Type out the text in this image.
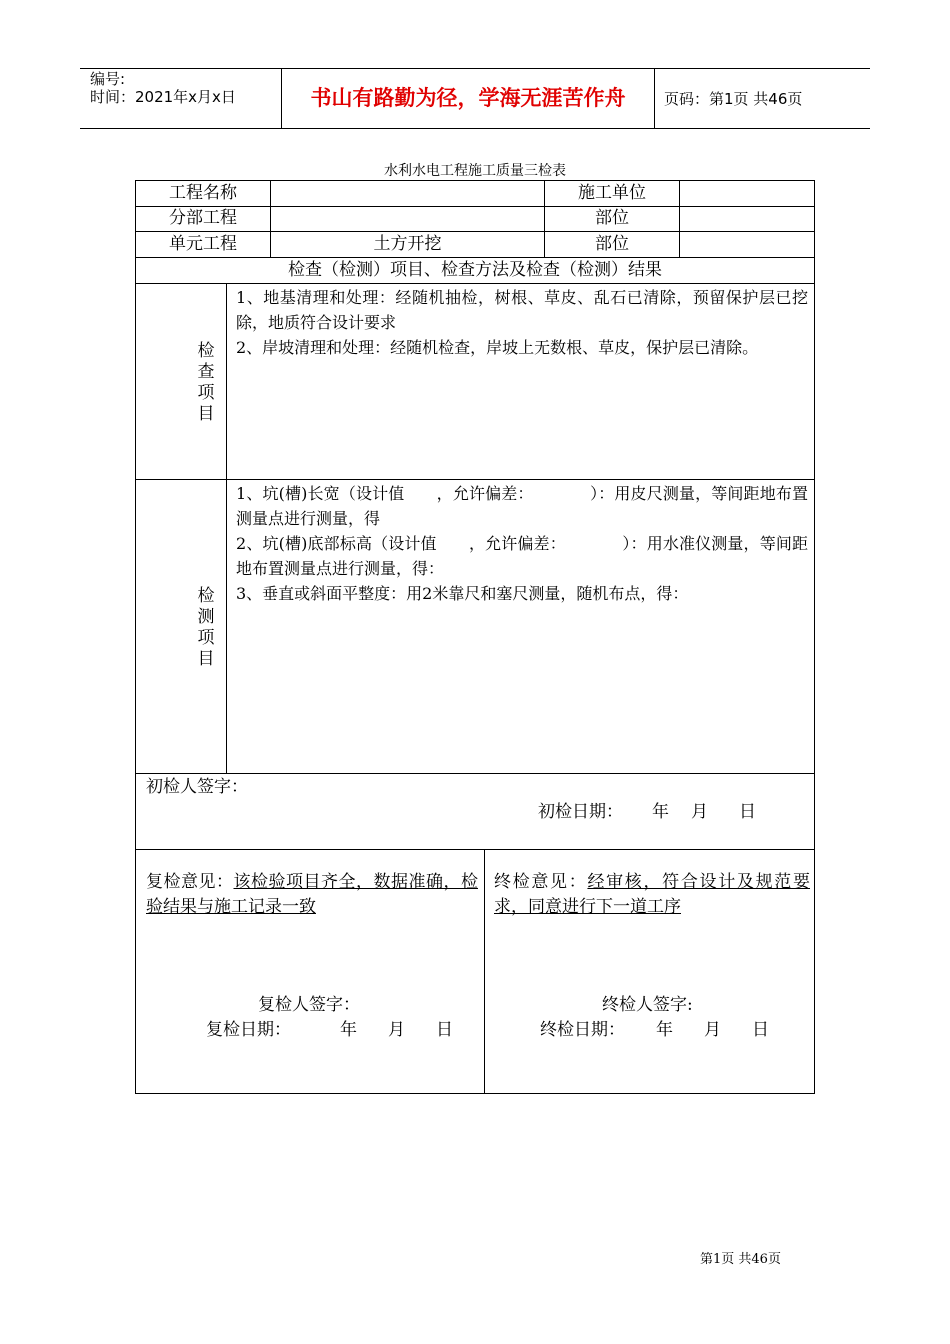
编号:
时间：2021年x月x日	书山有路勤为径，学海无涯苦作舟	页码：第1页 共46页
水利水电工程施工质量三检表
工程名称	施工单位
分部工程	部位
单元工程	土方开挖	部位
检查（检测）项目、检查方法及检查（检测）结果
检
查
项
目
1、地基清理和处理：经随机抽检，树根、草皮、乱石已清除，预留保护层已挖除，地质符合设计要求
2、岸坡清理和处理：经随机检查，岸坡上无数根、草皮，保护层已清除。
检
测
项
目
1、坑(槽)长宽（设计值　　，允许偏差：　　　　）：用皮尺测量，等间距地布置测量点进行测量，得
2、坑(槽)底部标高（设计值　　，允许偏差：　　　　）：用水准仪测量，等间距地布置测量点进行测量，得：
3、垂直或斜面平整度：用2米靠尺和塞尺测量，随机布点，得：
初检人签字：
初检日期： 年 月 日
复检意见：该检验项目齐全，数据准确，检验结果与施工记录一致
复检人签字：
复检日期：	年 月 日
终检意见：经审核，符合设计及规范要求，同意进行下一道工序
终检人签字:
终检日期： 年 月 日
第1页 共46页
